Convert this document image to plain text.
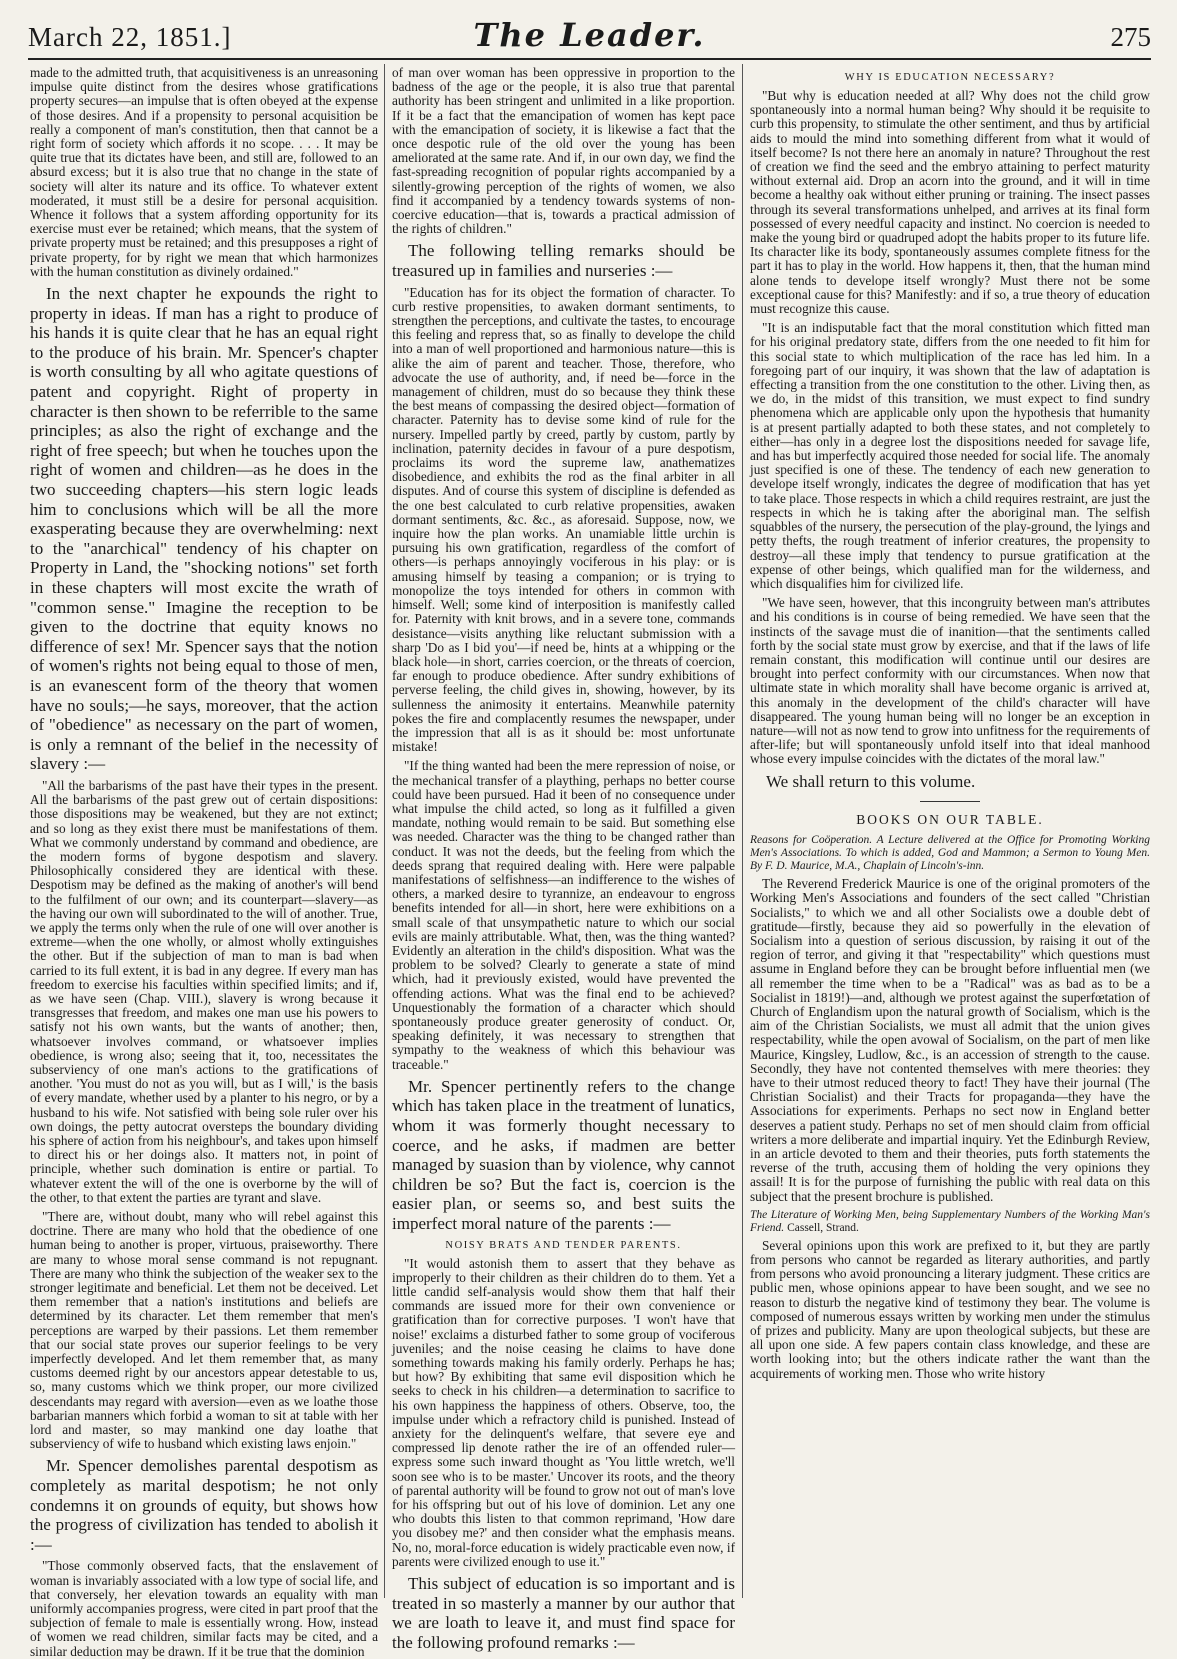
March 22, 1851.]	The Leader.	275

made to the admitted truth, that acquisitiveness is an unreasoning impulse quite distinct from the desires whose gratifications property secures—an impulse that is often obeyed at the expense of those desires. And if a propensity to personal acquisition be really a component of man's constitution, then that cannot be a right form of society which affords it no scope. . . . It may be quite true that its dictates have been, and still are, followed to an absurd excess; but it is also true that no change in the state of society will alter its nature and its office. To whatever extent moderated, it must still be a desire for personal acquisition. Whence it follows that a system affording opportunity for its exercise must ever be retained; which means, that the system of private property must be retained; and this presupposes a right of private property, for by right we mean that which harmonizes with the human constitution as divinely ordained."

In the next chapter he expounds the right to property in ideas. If man has a right to produce of his hands it is quite clear that he has an equal right to the produce of his brain. Mr. Spencer's chapter is worth consulting by all who agitate questions of patent and copyright. Right of property in character is then shown to be referrible to the same principles; as also the right of exchange and the right of free speech; but when he touches upon the right of women and children—as he does in the two succeeding chapters—his stern logic leads him to conclusions which will be all the more exasperating because they are overwhelming: next to the "anarchical" tendency of his chapter on Property in Land, the "shocking notions" set forth in these chapters will most excite the wrath of "common sense." Imagine the reception to be given to the doctrine that equity knows no difference of sex! Mr. Spencer says that the notion of women's rights not being equal to those of men, is an evanescent form of the theory that women have no souls;—he says, moreover, that the action of "obedience" as necessary on the part of women, is only a remnant of the belief in the necessity of slavery :—

"All the barbarisms of the past have their types in the present. All the barbarisms of the past grew out of certain dispositions: those dispositions may be weakened, but they are not extinct; and so long as they exist there must be manifestations of them. What we commonly understand by command and obedience, are the modern forms of bygone despotism and slavery. Philosophically considered they are identical with these. Despotism may be defined as the making of another's will bend to the fulfilment of our own; and its counterpart—slavery—as the having our own will subordinated to the will of another. True, we apply the terms only when the rule of one will over another is extreme—when the one wholly, or almost wholly extinguishes the other. But if the subjection of man to man is bad when carried to its full extent, it is bad in any degree. If every man has freedom to exercise his faculties within specified limits; and if, as we have seen (Chap. VIII.), slavery is wrong because it transgresses that freedom, and makes one man use his powers to satisfy not his own wants, but the wants of another; then, whatsoever involves command, or whatsoever implies obedience, is wrong also; seeing that it, too, necessitates the subserviency of one man's actions to the gratifications of another. 'You must do not as you will, but as I will,' is the basis of every mandate, whether used by a planter to his negro, or by a husband to his wife. Not satisfied with being sole ruler over his own doings, the petty autocrat oversteps the boundary dividing his sphere of action from his neighbour's, and takes upon himself to direct his or her doings also. It matters not, in point of principle, whether such domination is entire or partial. To whatever extent the will of the one is overborne by the will of the other, to that extent the parties are tyrant and slave.

"There are, without doubt, many who will rebel against this doctrine. There are many who hold that the obedience of one human being to another is proper, virtuous, praiseworthy. There are many to whose moral sense command is not repugnant. There are many who think the subjection of the weaker sex to the stronger legitimate and beneficial. Let them not be deceived. Let them remember that a nation's institutions and beliefs are determined by its character. Let them remember that men's perceptions are warped by their passions. Let them remember that our social state proves our superior feelings to be very imperfectly developed. And let them remember that, as many customs deemed right by our ancestors appear detestable to us, so, many customs which we think proper, our more civilized descendants may regard with aversion—even as we loathe those barbarian manners which forbid a woman to sit at table with her lord and master, so may mankind one day loathe that subserviency of wife to husband which existing laws enjoin."

Mr. Spencer demolishes parental despotism as completely as marital despotism; he not only condemns it on grounds of equity, but shows how the progress of civilization has tended to abolish it :—

"Those commonly observed facts, that the enslavement of woman is invariably associated with a low type of social life, and that conversely, her elevation towards an equality with man uniformly accompanies progress, were cited in part proof that the subjection of female to male is essentially wrong. How, instead of women we read children, similar facts may be cited, and a similar deduction may be drawn. If it be true that the dominion

of man over woman has been oppressive in proportion to the badness of the age or the people, it is also true that parental authority has been stringent and unlimited in a like proportion. If it be a fact that the emancipation of women has kept pace with the emancipation of society, it is likewise a fact that the once despotic rule of the old over the young has been ameliorated at the same rate. And if, in our own day, we find the fast-spreading recognition of popular rights accompanied by a silently-growing perception of the rights of women, we also find it accompanied by a tendency towards systems of non-coercive education—that is, towards a practical admission of the rights of children."

The following telling remarks should be treasured up in families and nurseries :—

"Education has for its object the formation of character. To curb restive propensities, to awaken dormant sentiments, to strengthen the perceptions, and cultivate the tastes, to encourage this feeling and repress that, so as finally to develope the child into a man of well proportioned and harmonious nature—this is alike the aim of parent and teacher. Those, therefore, who advocate the use of authority, and, if need be—force in the management of children, must do so because they think these the best means of compassing the desired object—formation of character. Paternity has to devise some kind of rule for the nursery. Impelled partly by creed, partly by custom, partly by inclination, paternity decides in favour of a pure despotism, proclaims its word the supreme law, anathematizes disobedience, and exhibits the rod as the final arbiter in all disputes. And of course this system of discipline is defended as the one best calculated to curb relative propensities, awaken dormant sentiments, &c. &c., as aforesaid. Suppose, now, we inquire how the plan works. An unamiable little urchin is pursuing his own gratification, regardless of the comfort of others—is perhaps annoyingly vociferous in his play: or is amusing himself by teasing a companion; or is trying to monopolize the toys intended for others in common with himself. Well; some kind of interposition is manifestly called for. Paternity with knit brows, and in a severe tone, commands desistance—visits anything like reluctant submission with a sharp 'Do as I bid you'—if need be, hints at a whipping or the black hole—in short, carries coercion, or the threats of coercion, far enough to produce obedience. After sundry exhibitions of perverse feeling, the child gives in, showing, however, by its sullenness the animosity it entertains. Meanwhile paternity pokes the fire and complacently resumes the newspaper, under the impression that all is as it should be: most unfortunate mistake!

"If the thing wanted had been the mere repression of noise, or the mechanical transfer of a plaything, perhaps no better course could have been pursued. Had it been of no consequence under what impulse the child acted, so long as it fulfilled a given mandate, nothing would remain to be said. But something else was needed. Character was the thing to be changed rather than conduct. It was not the deeds, but the feeling from which the deeds sprang that required dealing with. Here were palpable manifestations of selfishness—an indifference to the wishes of others, a marked desire to tyrannize, an endeavour to engross benefits intended for all—in short, here were exhibitions on a small scale of that unsympathetic nature to which our social evils are mainly attributable. What, then, was the thing wanted? Evidently an alteration in the child's disposition. What was the problem to be solved? Clearly to generate a state of mind which, had it previously existed, would have prevented the offending actions. What was the final end to be achieved? Unquestionably the formation of a character which should spontaneously produce greater generosity of conduct. Or, speaking definitely, it was necessary to strengthen that sympathy to the weakness of which this behaviour was traceable."

Mr. Spencer pertinently refers to the change which has taken place in the treatment of lunatics, whom it was formerly thought necessary to coerce, and he asks, if madmen are better managed by suasion than by violence, why cannot children be so? But the fact is, coercion is the easier plan, or seems so, and best suits the imperfect moral nature of the parents :—

NOISY BRATS AND TENDER PARENTS.

"It would astonish them to assert that they behave as improperly to their children as their children do to them. Yet a little candid self-analysis would show them that half their commands are issued more for their own convenience or gratification than for corrective purposes. 'I won't have that noise!' exclaims a disturbed father to some group of vociferous juveniles; and the noise ceasing he claims to have done something towards making his family orderly. Perhaps he has; but how? By exhibiting that same evil disposition which he seeks to check in his children—a determination to sacrifice to his own happiness the happiness of others. Observe, too, the impulse under which a refractory child is punished. Instead of anxiety for the delinquent's welfare, that severe eye and compressed lip denote rather the ire of an offended ruler—express some such inward thought as 'You little wretch, we'll soon see who is to be master.' Uncover its roots, and the theory of parental authority will be found to grow not out of man's love for his offspring but out of his love of dominion. Let any one who doubts this listen to that common reprimand, 'How dare you disobey me?' and then consider what the emphasis means. No, no, moral-force education is widely practicable even now, if parents were civilized enough to use it."

This subject of education is so important and is treated in so masterly a manner by our author that we are loath to leave it, and must find space for the following profound remarks :—

WHY IS EDUCATION NECESSARY?

"But why is education needed at all? Why does not the child grow spontaneously into a normal human being? Why should it be requisite to curb this propensity, to stimulate the other sentiment, and thus by artificial aids to mould the mind into something different from what it would of itself become? Is not there here an anomaly in nature? Throughout the rest of creation we find the seed and the embryo attaining to perfect maturity without external aid. Drop an acorn into the ground, and it will in time become a healthy oak without either pruning or training. The insect passes through its several transformations unhelped, and arrives at its final form possessed of every needful capacity and instinct. No coercion is needed to make the young bird or quadruped adopt the habits proper to its future life. Its character like its body, spontaneously assumes complete fitness for the part it has to play in the world. How happens it, then, that the human mind alone tends to develope itself wrongly? Must there not be some exceptional cause for this? Manifestly: and if so, a true theory of education must recognize this cause.

"It is an indisputable fact that the moral constitution which fitted man for his original predatory state, differs from the one needed to fit him for this social state to which multiplication of the race has led him. In a foregoing part of our inquiry, it was shown that the law of adaptation is effecting a transition from the one constitution to the other. Living then, as we do, in the midst of this transition, we must expect to find sundry phenomena which are applicable only upon the hypothesis that humanity is at present partially adapted to both these states, and not completely to either—has only in a degree lost the dispositions needed for savage life, and has but imperfectly acquired those needed for social life. The anomaly just specified is one of these. The tendency of each new generation to develope itself wrongly, indicates the degree of modification that has yet to take place. Those respects in which a child requires restraint, are just the respects in which he is taking after the aboriginal man. The selfish squabbles of the nursery, the persecution of the play-ground, the lyings and petty thefts, the rough treatment of inferior creatures, the propensity to destroy—all these imply that tendency to pursue gratification at the expense of other beings, which qualified man for the wilderness, and which disqualifies him for civilized life.

"We have seen, however, that this incongruity between man's attributes and his conditions is in course of being remedied. We have seen that the instincts of the savage must die of inanition—that the sentiments called forth by the social state must grow by exercise, and that if the laws of life remain constant, this modification will continue until our desires are brought into perfect conformity with our circumstances. When now that ultimate state in which morality shall have become organic is arrived at, this anomaly in the development of the child's character will have disappeared. The young human being will no longer be an exception in nature—will not as now tend to grow into unfitness for the requirements of after-life; but will spontaneously unfold itself into that ideal manhood whose every impulse coincides with the dictates of the moral law."

We shall return to this volume.

BOOKS ON OUR TABLE.

Reasons for Coöperation. A Lecture delivered at the Office for Promoting Working Men's Associations. To which is added, God and Mammon; a Sermon to Young Men. By F. D. Maurice, M.A., Chaplain of Lincoln's-inn.

The Reverend Frederick Maurice is one of the original promoters of the Working Men's Associations and founders of the sect called "Christian Socialists," to which we and all other Socialists owe a double debt of gratitude—firstly, because they aid so powerfully in the elevation of Socialism into a question of serious discussion, by raising it out of the region of terror, and giving it that "respectability" which questions must assume in England before they can be brought before influential men (we all remember the time when to be a "Radical" was as bad as to be a Socialist in 1819!)—and, although we protest against the superfœtation of Church of Englandism upon the natural growth of Socialism, which is the aim of the Christian Socialists, we must all admit that the union gives respectability, while the open avowal of Socialism, on the part of men like Maurice, Kingsley, Ludlow, &c., is an accession of strength to the cause. Secondly, they have not contented themselves with mere theories: they have to their utmost reduced theory to fact! They have their journal (The Christian Socialist) and their Tracts for propaganda—they have the Associations for experiments. Perhaps no sect now in England better deserves a patient study. Perhaps no set of men should claim from official writers a more deliberate and impartial inquiry. Yet the Edinburgh Review, in an article devoted to them and their theories, puts forth statements the reverse of the truth, accusing them of holding the very opinions they assail! It is for the purpose of furnishing the public with real data on this subject that the present brochure is published.

The Literature of Working Men, being Supplementary Numbers of the Working Man's Friend. Cassell, Strand.

Several opinions upon this work are prefixed to it, but they are partly from persons who cannot be regarded as literary authorities, and partly from persons who avoid pronouncing a literary judgment. These critics are public men, whose opinions appear to have been sought, and we see no reason to disturb the negative kind of testimony they bear. The volume is composed of numerous essays written by working men under the stimulus of prizes and publicity. Many are upon theological subjects, but these are all upon one side. A few papers contain class knowledge, and these are worth looking into; but the others indicate rather the want than the acquirements of working men. Those who write history
